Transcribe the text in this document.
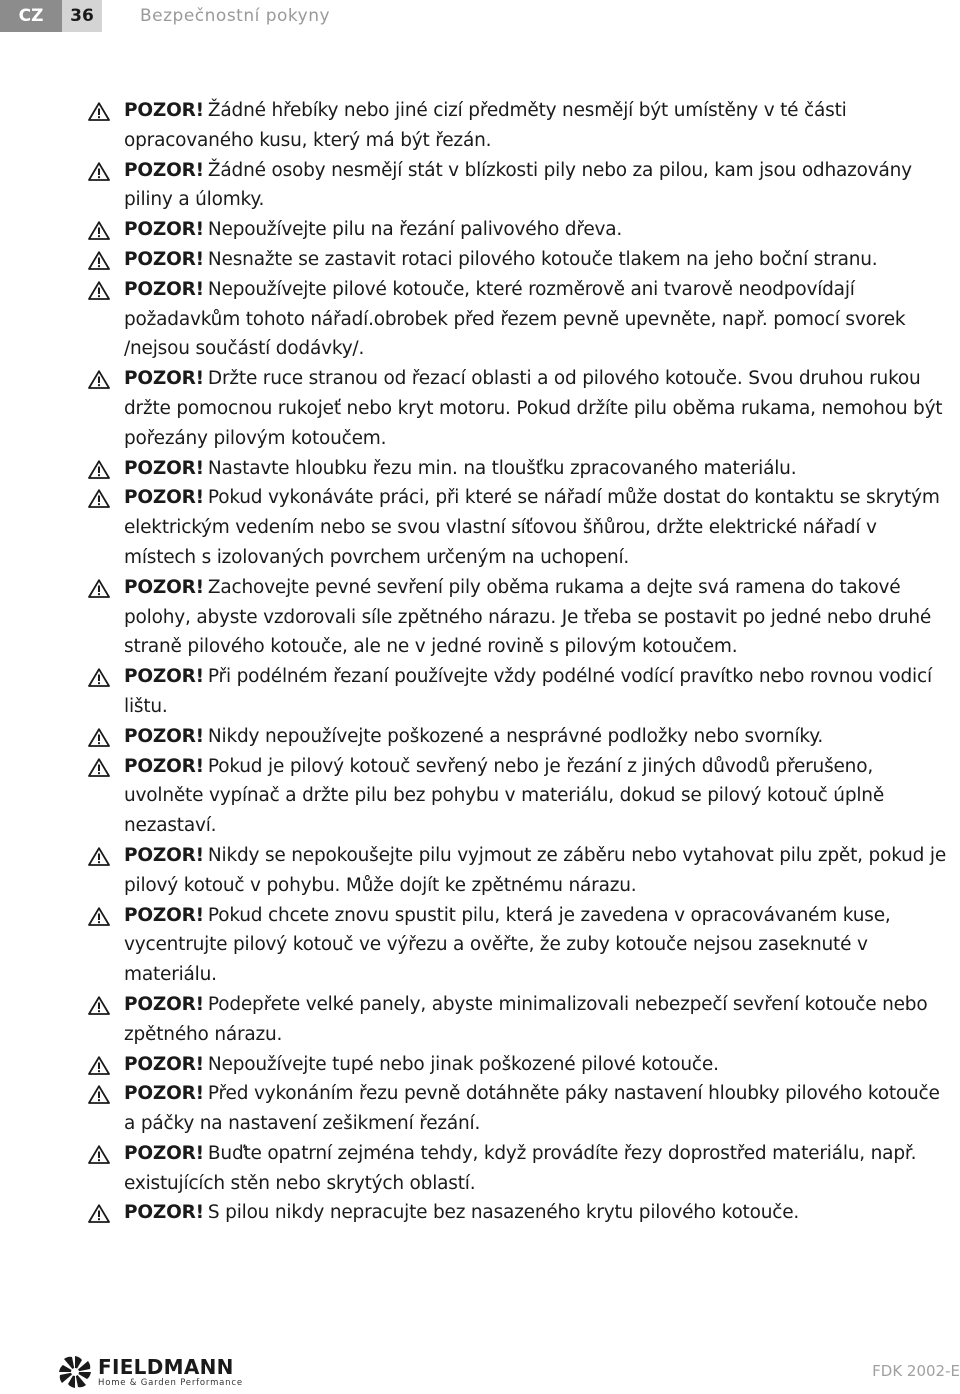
CZ	36	Bezpečnostní pokyny
POZOR! Žádné hřebíky nebo jiné cizí předměty nesmějí být umístěny v té části opracovaného kusu, který má být řezán.
POZOR! Žádné osoby nesmějí stát v blízkosti pily nebo za pilou, kam jsou odhazovány piliny a úlomky.
POZOR! Nepoužívejte pilu na řezání palivového dřeva.
POZOR! Nesnažte se zastavit rotaci pilového kotouče tlakem na jeho boční stranu.
POZOR! Nepoužívejte pilové kotouče, které rozměrově ani tvarově neodpovídají požadavkům tohoto nářadí.obrobek před řezem pevně upevněte, např. pomocí svorek /nejsou součástí dodávky/.
POZOR! Držte ruce stranou od řezací oblasti a od pilového kotouče. Svou druhou rukou držte pomocnou rukojeť nebo kryt motoru. Pokud držíte pilu oběma rukama, nemohou být pořezány pilovým kotoučem.
POZOR! Nastavte hloubku řezu min. na tloušťku zpracovaného materiálu.
POZOR! Pokud vykonáváte práci, při které se nářadí může dostat do kontaktu se skrytým elektrickým vedením nebo se svou vlastní síťovou šňůrou, držte elektrické nářadí v místech s izolovaných povrchem určeným na uchopení.
POZOR! Zachovejte pevné sevření pily oběma rukama a dejte svá ramena do takové polohy, abyste vzdorovali síle zpětného nárazu. Je třeba se postavit po jedné nebo druhé straně pilového kotouče, ale ne v jedné rovině s pilovým kotoučem.
POZOR! Při podélném řezaní používejte vždy podélné vodící pravítko nebo rovnou vodicí lištu.
POZOR! Nikdy nepoužívejte poškozené a nesprávné podložky nebo svorníky.
POZOR! Pokud je pilový kotouč sevřený nebo je řezání z jiných důvodů přerušeno, uvolněte vypínač a držte pilu bez pohybu v materiálu, dokud se pilový kotouč úplně nezastaví.
POZOR! Nikdy se nepokoušejte pilu vyjmout ze záběru nebo vytahovat pilu zpět, pokud je pilový kotouč v pohybu. Může dojít ke zpětnému nárazu.
POZOR! Pokud chcete znovu spustit pilu, která je zavedena v opracovávaném kuse, vycentrujte pilový kotouč ve výřezu a ověřte, že zuby kotouče nejsou zaseknuté v materiálu.
POZOR! Podepřete velké panely, abyste minimalizovali nebezpečí sevření kotouče nebo zpětného nárazu.
POZOR! Nepoužívejte tupé nebo jinak poškozené pilové kotouče.
POZOR! Před vykonáním řezu pevně dotáhněte páky nastavení hloubky pilového kotouče a páčky na nastavení zešikmení řezání.
POZOR! Buďte opatrní zejména tehdy, když provádíte řezy doprostřed materiálu, např. existujících stěn nebo skrytých oblastí.
POZOR! S pilou nikdy nepracujte bez nasazeného krytu pilového kotouče.
FIELDMANN
Home & Garden Performance
FDK 2002-E
